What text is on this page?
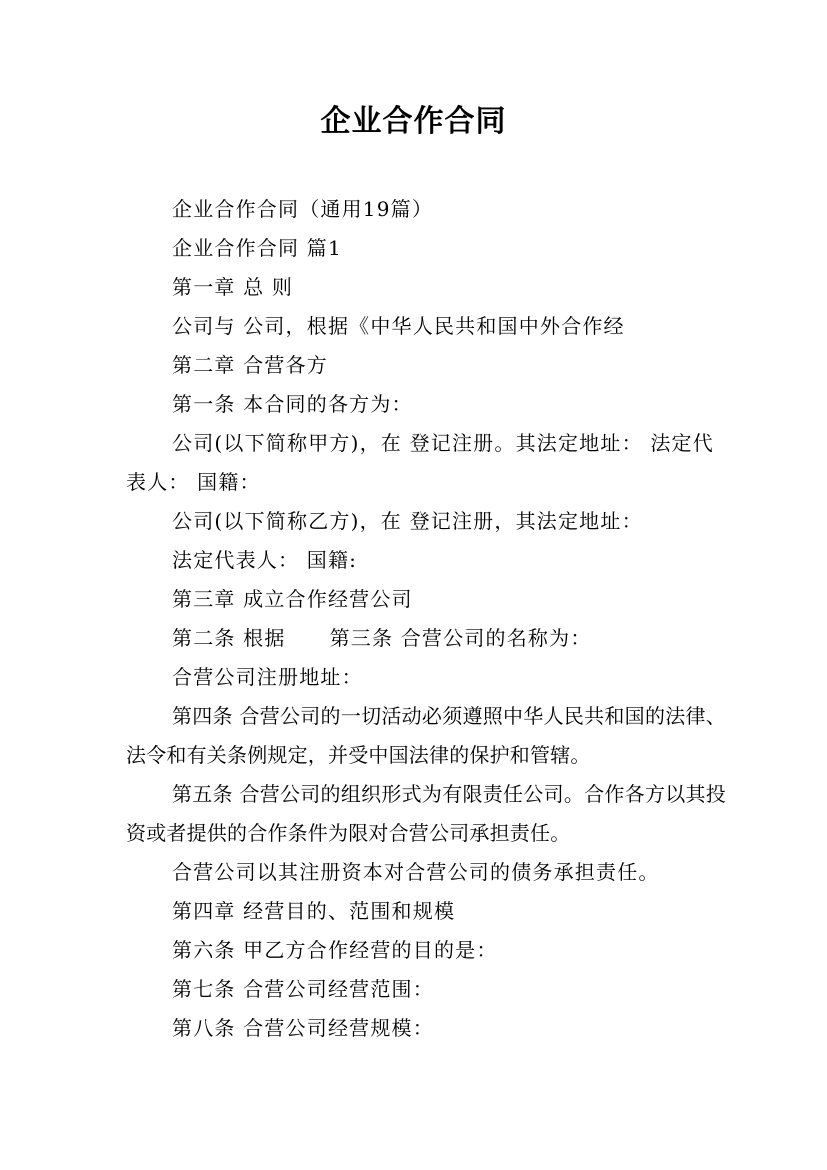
企业合作合同

企业合作合同（通用19篇）

企业合作合同 篇1

第一章 总 则

公司与 公司，根据《中华人民共和国中外合作经

第二章 合营各方

第一条 本合同的各方为：

公司(以下简称甲方)，在 登记注册。其法定地址： 法定代表人： 国籍：

公司(以下简称乙方)，在 登记注册，其法定地址：

法定代表人： 国籍:

第三章 成立合作经营公司

第二条 根据 第三条 合营公司的名称为：

合营公司注册地址：

第四条 合营公司的一切活动必须遵照中华人民共和国的法律、法令和有关条例规定，并受中国法律的保护和管辖。

第五条 合营公司的组织形式为有限责任公司。合作各方以其投资或者提供的合作条件为限对合营公司承担责任。

合营公司以其注册资本对合营公司的债务承担责任。

第四章 经营目的、范围和规模

第六条 甲乙方合作经营的目的是：

第七条 合营公司经营范围：

第八条 合营公司经营规模：
